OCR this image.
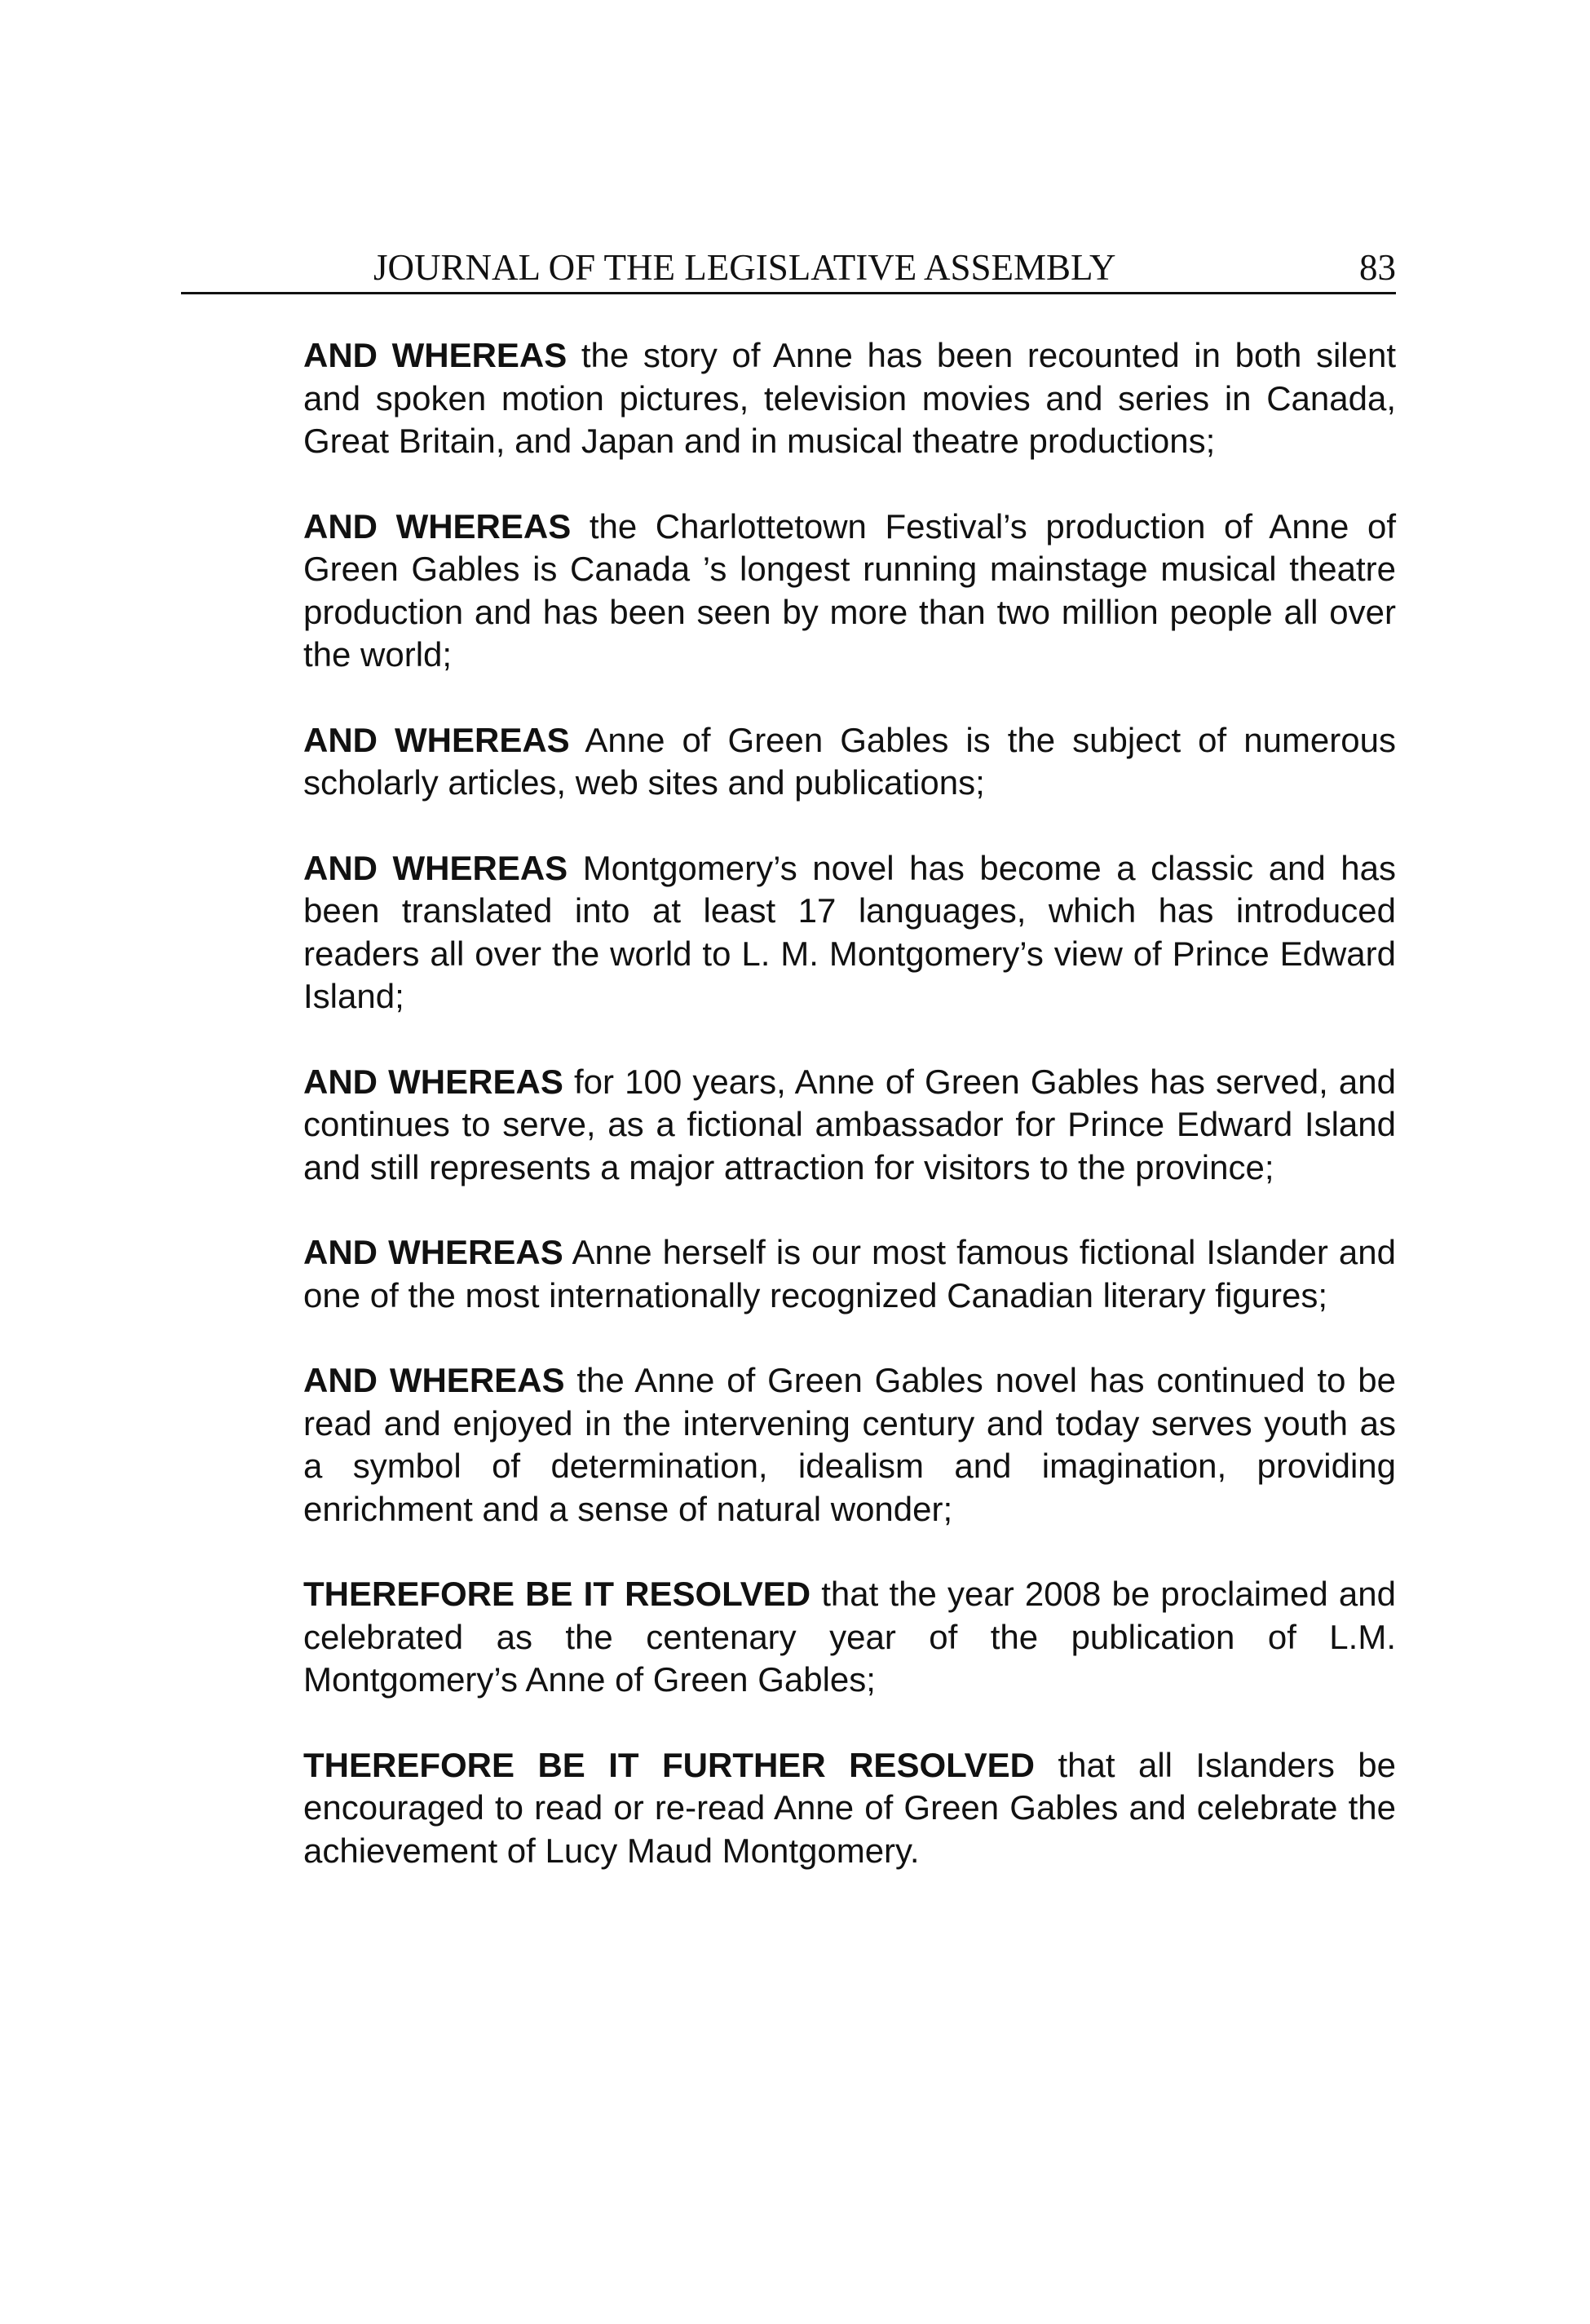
JOURNAL OF THE LEGISLATIVE ASSEMBLY	83

AND WHEREAS the story of Anne has been recounted in both silent and spoken motion pictures, television movies and series in Canada, Great Britain, and Japan and in musical theatre productions;

AND WHEREAS the Charlottetown Festival’s production of Anne of Green Gables is Canada ’s longest running mainstage musical theatre production and has been seen by more than two million people all over the world;

AND WHEREAS Anne of Green Gables is the subject of numerous scholarly articles, web sites and publications;

AND WHEREAS Montgomery’s novel has become a classic and has been translated into at least 17 languages, which has introduced readers all over the world to L. M. Montgomery’s view of Prince Edward Island;

AND WHEREAS for 100 years, Anne of Green Gables has served, and continues to serve, as a fictional ambassador for Prince Edward Island and still represents a major attraction for visitors to the province;

AND WHEREAS Anne herself is our most famous fictional Islander and one of the most internationally recognized Canadian literary figures;

AND WHEREAS the Anne of Green Gables novel has continued to be read and enjoyed in the intervening century and today serves youth as a symbol of determination, idealism and imagination, providing enrichment and a sense of natural wonder;

THEREFORE BE IT RESOLVED that the year 2008 be proclaimed and celebrated as the centenary year of the publication of L.M. Montgomery’s Anne of Green Gables;

THEREFORE BE IT FURTHER RESOLVED that all Islanders be encouraged to read or re-read Anne of Green Gables and celebrate the achievement of Lucy Maud Montgomery.
